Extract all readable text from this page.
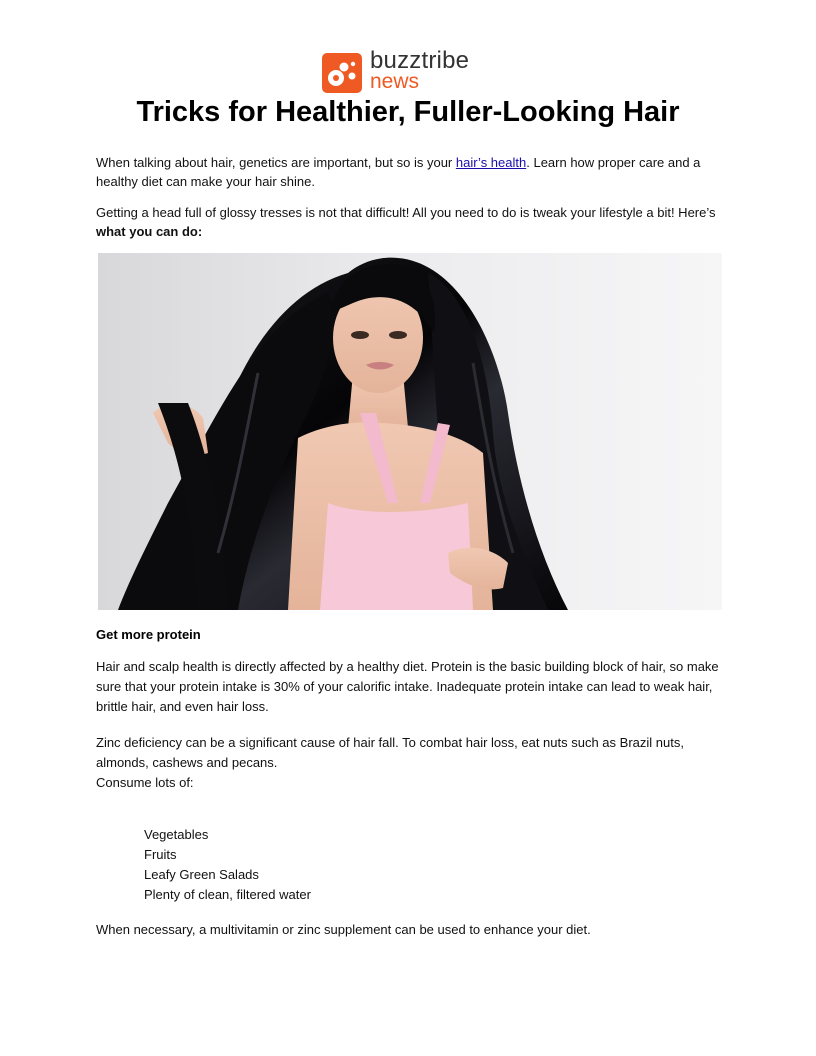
buzztribe
news
Tricks for Healthier, Fuller-Looking Hair

When talking about hair, genetics are important, but so is your hair’s health. Learn how proper care and a healthy diet can make your hair shine.

Getting a head full of glossy tresses is not that difficult! All you need to do is tweak your lifestyle a bit! Here’s what you can do:

Get more protein

Hair and scalp health is directly affected by a healthy diet. Protein is the basic building block of hair, so make sure that your protein intake is 30% of your calorific intake. Inadequate protein intake can lead to weak hair, brittle hair, and even hair loss.

Zinc deficiency can be a significant cause of hair fall. To combat hair loss, eat nuts such as Brazil nuts, almonds, cashews and pecans.
Consume lots of:

Vegetables
Fruits
Leafy Green Salads
Plenty of clean, filtered water

When necessary, a multivitamin or zinc supplement can be used to enhance your diet.
